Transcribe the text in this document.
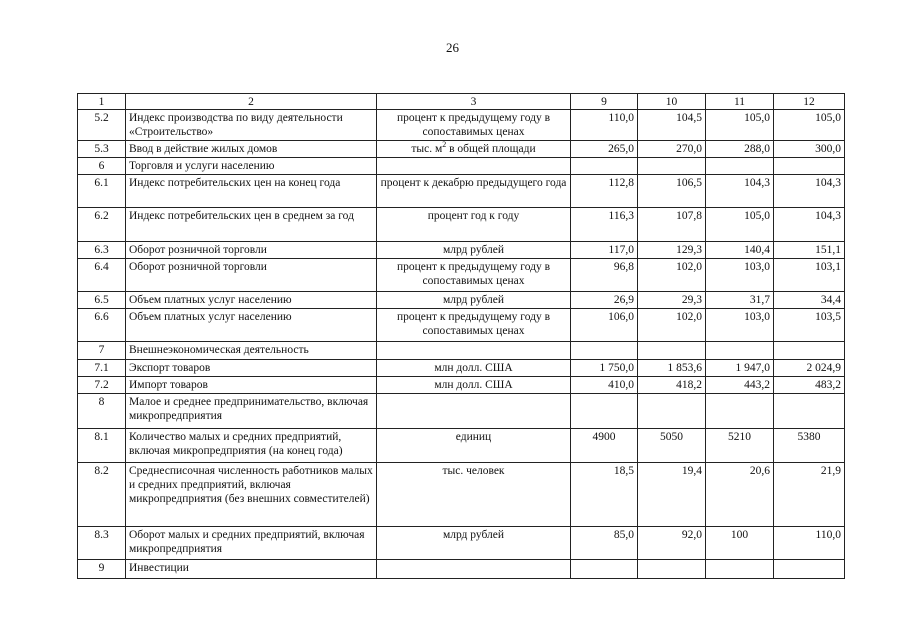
26
1	2	3	9	10	11	12
5.2	Индекс производства по виду деятельности «Строительство»	процент к предыдущему году в сопоставимых ценах	110,0	104,5	105,0	105,0
5.3	Ввод в действие жилых домов	тыс. $м^2$ в общей площади	265,0	270,0	288,0	300,0
6	Торговля и услуги населению					
6.1	Индекс потребительских цен на конец года	процент к декабрю предыдущего года	112,8	106,5	104,3	104,3
6.2	Индекс потребительских цен в среднем за год	процент год к году	116,3	107,8	105,0	104,3
6.3	Оборот розничной торговли	млрд рублей	117,0	129,3	140,4	151,1
6.4	Оборот розничной торговли	процент к предыдущему году в сопоставимых ценах	96,8	102,0	103,0	103,1
6.5	Объем платных услуг населению	млрд рублей	26,9	29,3	31,7	34,4
6.6	Объем платных услуг населению	процент к предыдущему году в сопоставимых ценах	106,0	102,0	103,0	103,5
7	Внешнеэкономическая деятельность					
7.1	Экспорт товаров	млн долл. США	1 750,0	1 853,6	1 947,0	2 024,9
7.2	Импорт товаров	млн долл. США	410,0	418,2	443,2	483,2
8	Малое и среднее предпринимательство, включая микропредприятия					
8.1	Количество малых и средних предприятий, включая микропредприятия (на конец года)	единиц	4900	5050	5210	5380
8.2	Среднесписочная численность работников малых и средних предприятий, включая микропредприятия (без внешних совместителей)	тыс. человек	18,5	19,4	20,6	21,9
8.3	Оборот малых и средних предприятий, включая микропредприятия	млрд рублей	85,0	92,0	100	110,0
9	Инвестиции					
